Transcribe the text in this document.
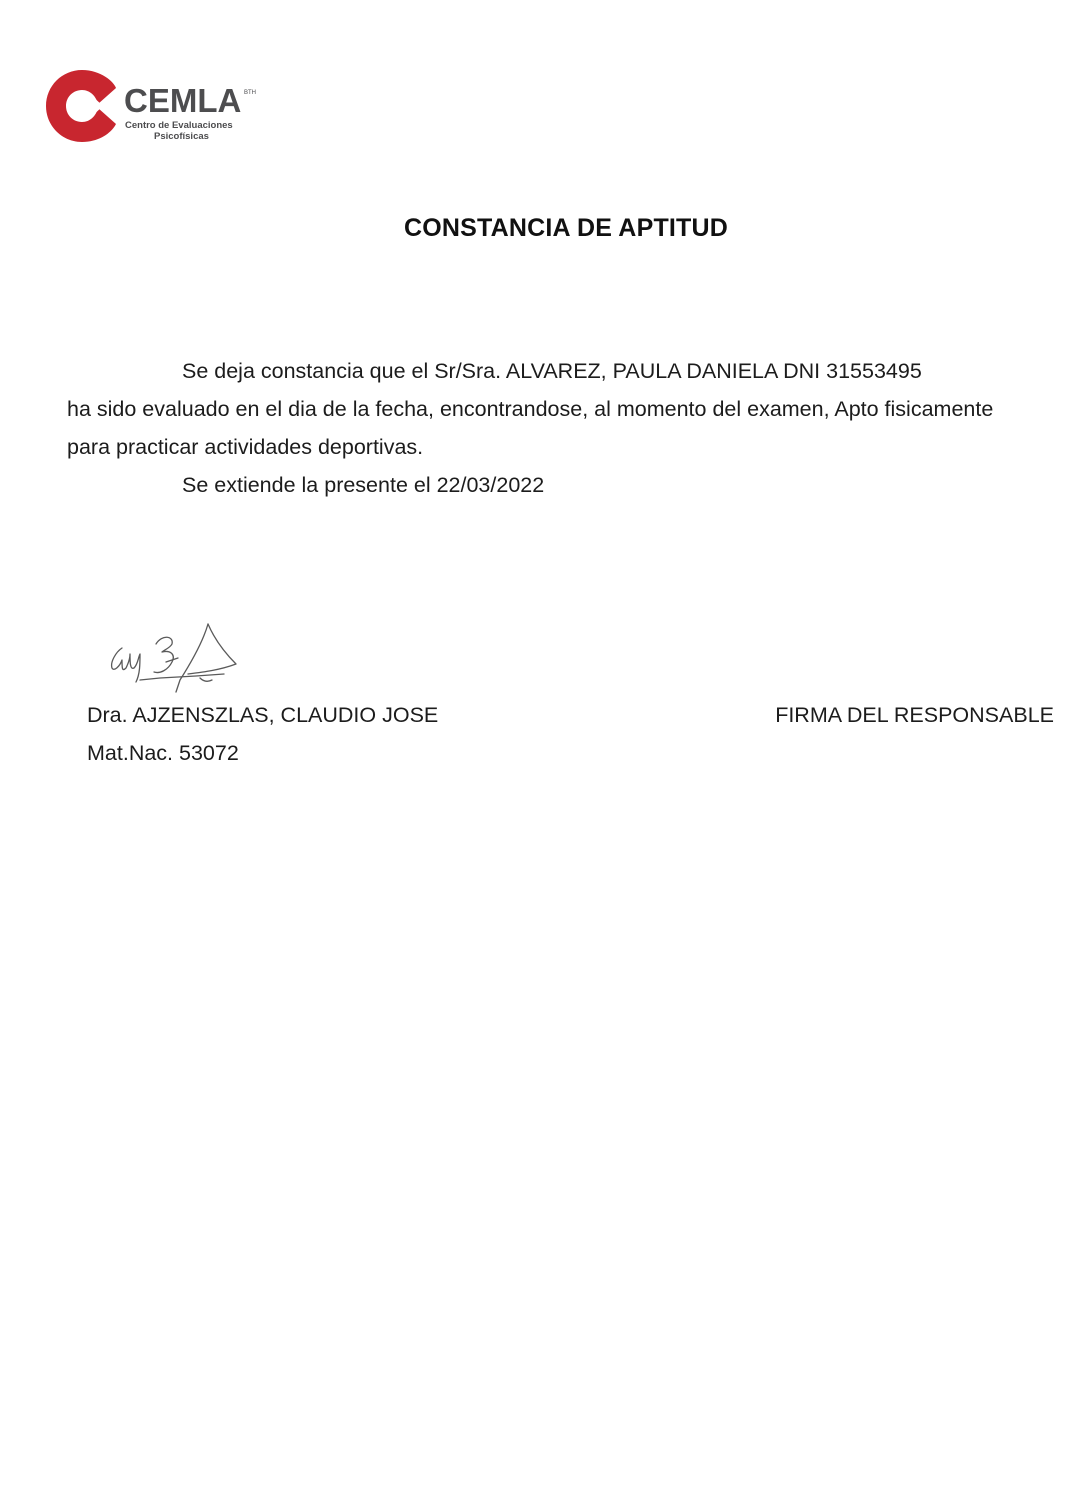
CEMLA BTH
Centro de Evaluaciones
Psicofísicas
CONSTANCIA DE APTITUD

Se deja constancia que el Sr/Sra. ALVAREZ, PAULA DANIELA DNI 31553495

ha sido evaluado en el dia de la fecha, encontrandose, al momento del examen, Apto fisicamente

para practicar actividades deportivas.

Se extiende la presente el 22/03/2022

Dra. AJZENSZLAS, CLAUDIO JOSE
Mat.Nac. 53072
FIRMA DEL RESPONSABLE
